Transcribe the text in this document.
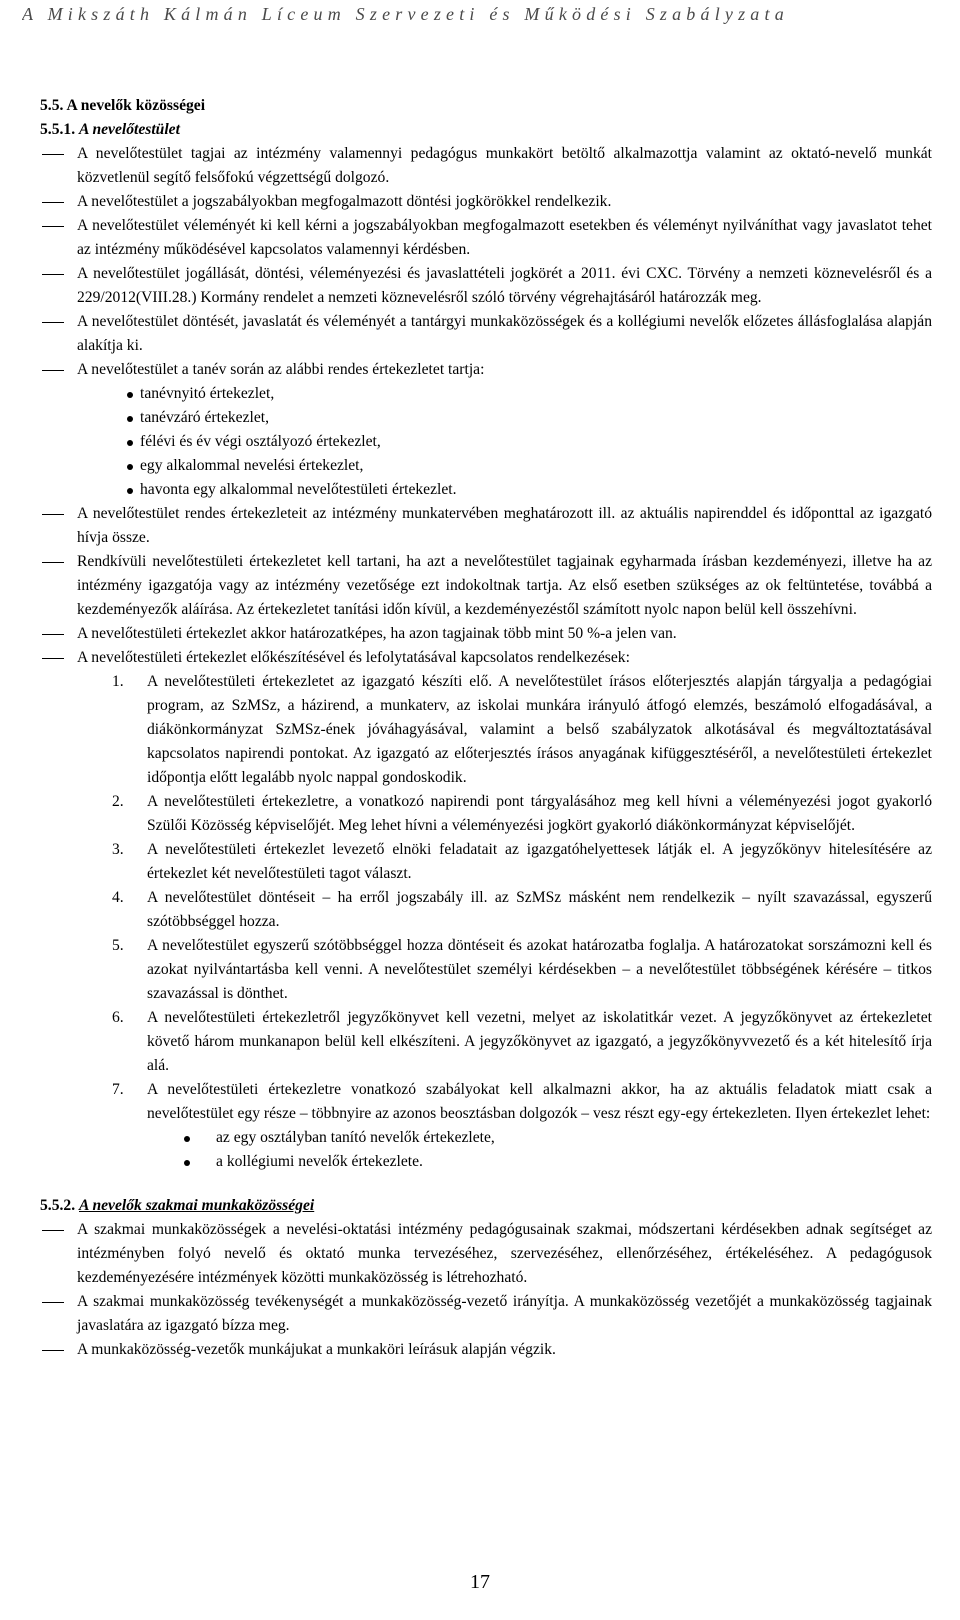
A Mikszáth Kálmán Líceum Szervezeti és Működési Szabályzata
5.5. A nevelők közösségei
5.5.1. A nevelőtestület
A nevelőtestület tagjai az intézmény valamennyi pedagógus munkakört betöltő alkalmazottja valamint az oktató-nevelő munkát közvetlenül segítő felsőfokú végzettségű dolgozó.
A nevelőtestület a jogszabályokban megfogalmazott döntési jogkörökkel rendelkezik.
A nevelőtestület véleményét ki kell kérni a jogszabályokban megfogalmazott esetekben és véleményt nyilváníthat vagy javaslatot tehet az intézmény működésével kapcsolatos valamennyi kérdésben.
A nevelőtestület jogállását, döntési, véleményezési és javaslattételi jogkörét a 2011. évi CXC. Törvény a nemzeti köznevelésről és a 229/2012(VIII.28.) Kormány rendelet a nemzeti köznevelésről szóló törvény végrehajtásáról határozzák meg.
A nevelőtestület döntését, javaslatát és véleményét a tantárgyi munkaközösségek és a kollégiumi nevelők előzetes állásfoglalása alapján alakítja ki.
A nevelőtestület a tanév során az alábbi rendes értekezletet tartja:
tanévnyitó értekezlet,
tanévzáró értekezlet,
félévi és év végi osztályozó értekezlet,
egy alkalommal nevelési értekezlet,
havonta egy alkalommal nevelőtestületi értekezlet.
A nevelőtestület rendes értekezleteit az intézmény munkatervében meghatározott ill. az aktuális napirenddel és időponttal az igazgató hívja össze.
Rendkívüli nevelőtestületi értekezletet kell tartani, ha azt a nevelőtestület tagjainak egyharmada írásban kezdeményezi, illetve ha az intézmény igazgatója vagy az intézmény vezetősége ezt indokoltnak tartja. Az első esetben szükséges az ok feltüntetése, továbbá a kezdeményezők aláírása. Az értekezletet tanítási időn kívül, a kezdeményezéstől számított nyolc napon belül kell összehívni.
A nevelőtestületi értekezlet akkor határozatképes, ha azon tagjainak több mint 50 %-a jelen van.
A nevelőtestületi értekezlet előkészítésével és lefolytatásával kapcsolatos rendelkezések:
1. A nevelőtestületi értekezletet az igazgató készíti elő. A nevelőtestület írásos előterjesztés alapján tárgyalja a pedagógiai program, az SzMSz, a házirend, a munkaterv, az iskolai munkára irányuló átfogó elemzés, beszámoló elfogadásával, a diákönkormányzat SzMSz-ének jóváhagyásával, valamint a belső szabályzatok alkotásával és megváltoztatásával kapcsolatos napirendi pontokat. Az igazgató az előterjesztés írásos anyagának kifüggesztéséről, a nevelőtestületi értekezlet időpontja előtt legalább nyolc nappal gondoskodik.
2. A nevelőtestületi értekezletre, a vonatkozó napirendi pont tárgyalásához meg kell hívni a véleményezési jogot gyakorló Szülői Közösség képviselőjét. Meg lehet hívni a véleményezési jogkört gyakorló diákönkormányzat képviselőjét.
3. A nevelőtestületi értekezlet levezető elnöki feladatait az igazgatóhelyettesek látják el. A jegyzőkönyv hitelesítésére az értekezlet két nevelőtestületi tagot választ.
4. A nevelőtestület döntéseit – ha erről jogszabály ill. az SzMSz másként nem rendelkezik – nyílt szavazással, egyszerű szótöbbséggel hozza.
5. A nevelőtestület egyszerű szótöbbséggel hozza döntéseit és azokat határozatba foglalja. A határozatokat sorszámozni kell és azokat nyilvántartásba kell venni. A nevelőtestület személyi kérdésekben – a nevelőtestület többségének kérésére – titkos szavazással is dönthet.
6. A nevelőtestületi értekezletről jegyzőkönyvet kell vezetni, melyet az iskolatitkár vezet. A jegyzőkönyvet az értekezletet követő három munkanapon belül kell elkészíteni. A jegyzőkönyvet az igazgató, a jegyzőkönyvvezető és a két hitelesítő írja alá.
7. A nevelőtestületi értekezletre vonatkozó szabályokat kell alkalmazni akkor, ha az aktuális feladatok miatt csak a nevelőtestület egy része – többnyire az azonos beosztásban dolgozók – vesz részt egy-egy értekezleten. Ilyen értekezlet lehet:
az egy osztályban tanító nevelők értekezlete,
a kollégiumi nevelők értekezlete.
5.5.2. A nevelők szakmai munkaközösségei
A szakmai munkaközösségek a nevelési-oktatási intézmény pedagógusainak szakmai, módszertani kérdésekben adnak segítséget az intézményben folyó nevelő és oktató munka tervezéséhez, szervezéséhez, ellenőrzéséhez, értékeléséhez. A pedagógusok kezdeményezésére intézmények közötti munkaközösség is létrehozható.
A szakmai munkaközösség tevékenységét a munkaközösség-vezető irányítja. A munkaközösség vezetőjét a munkaközösség tagjainak javaslatára az igazgató bízza meg.
A munkaközösség-vezetők munkájukat a munkaköri leírásuk alapján végzik.
17
